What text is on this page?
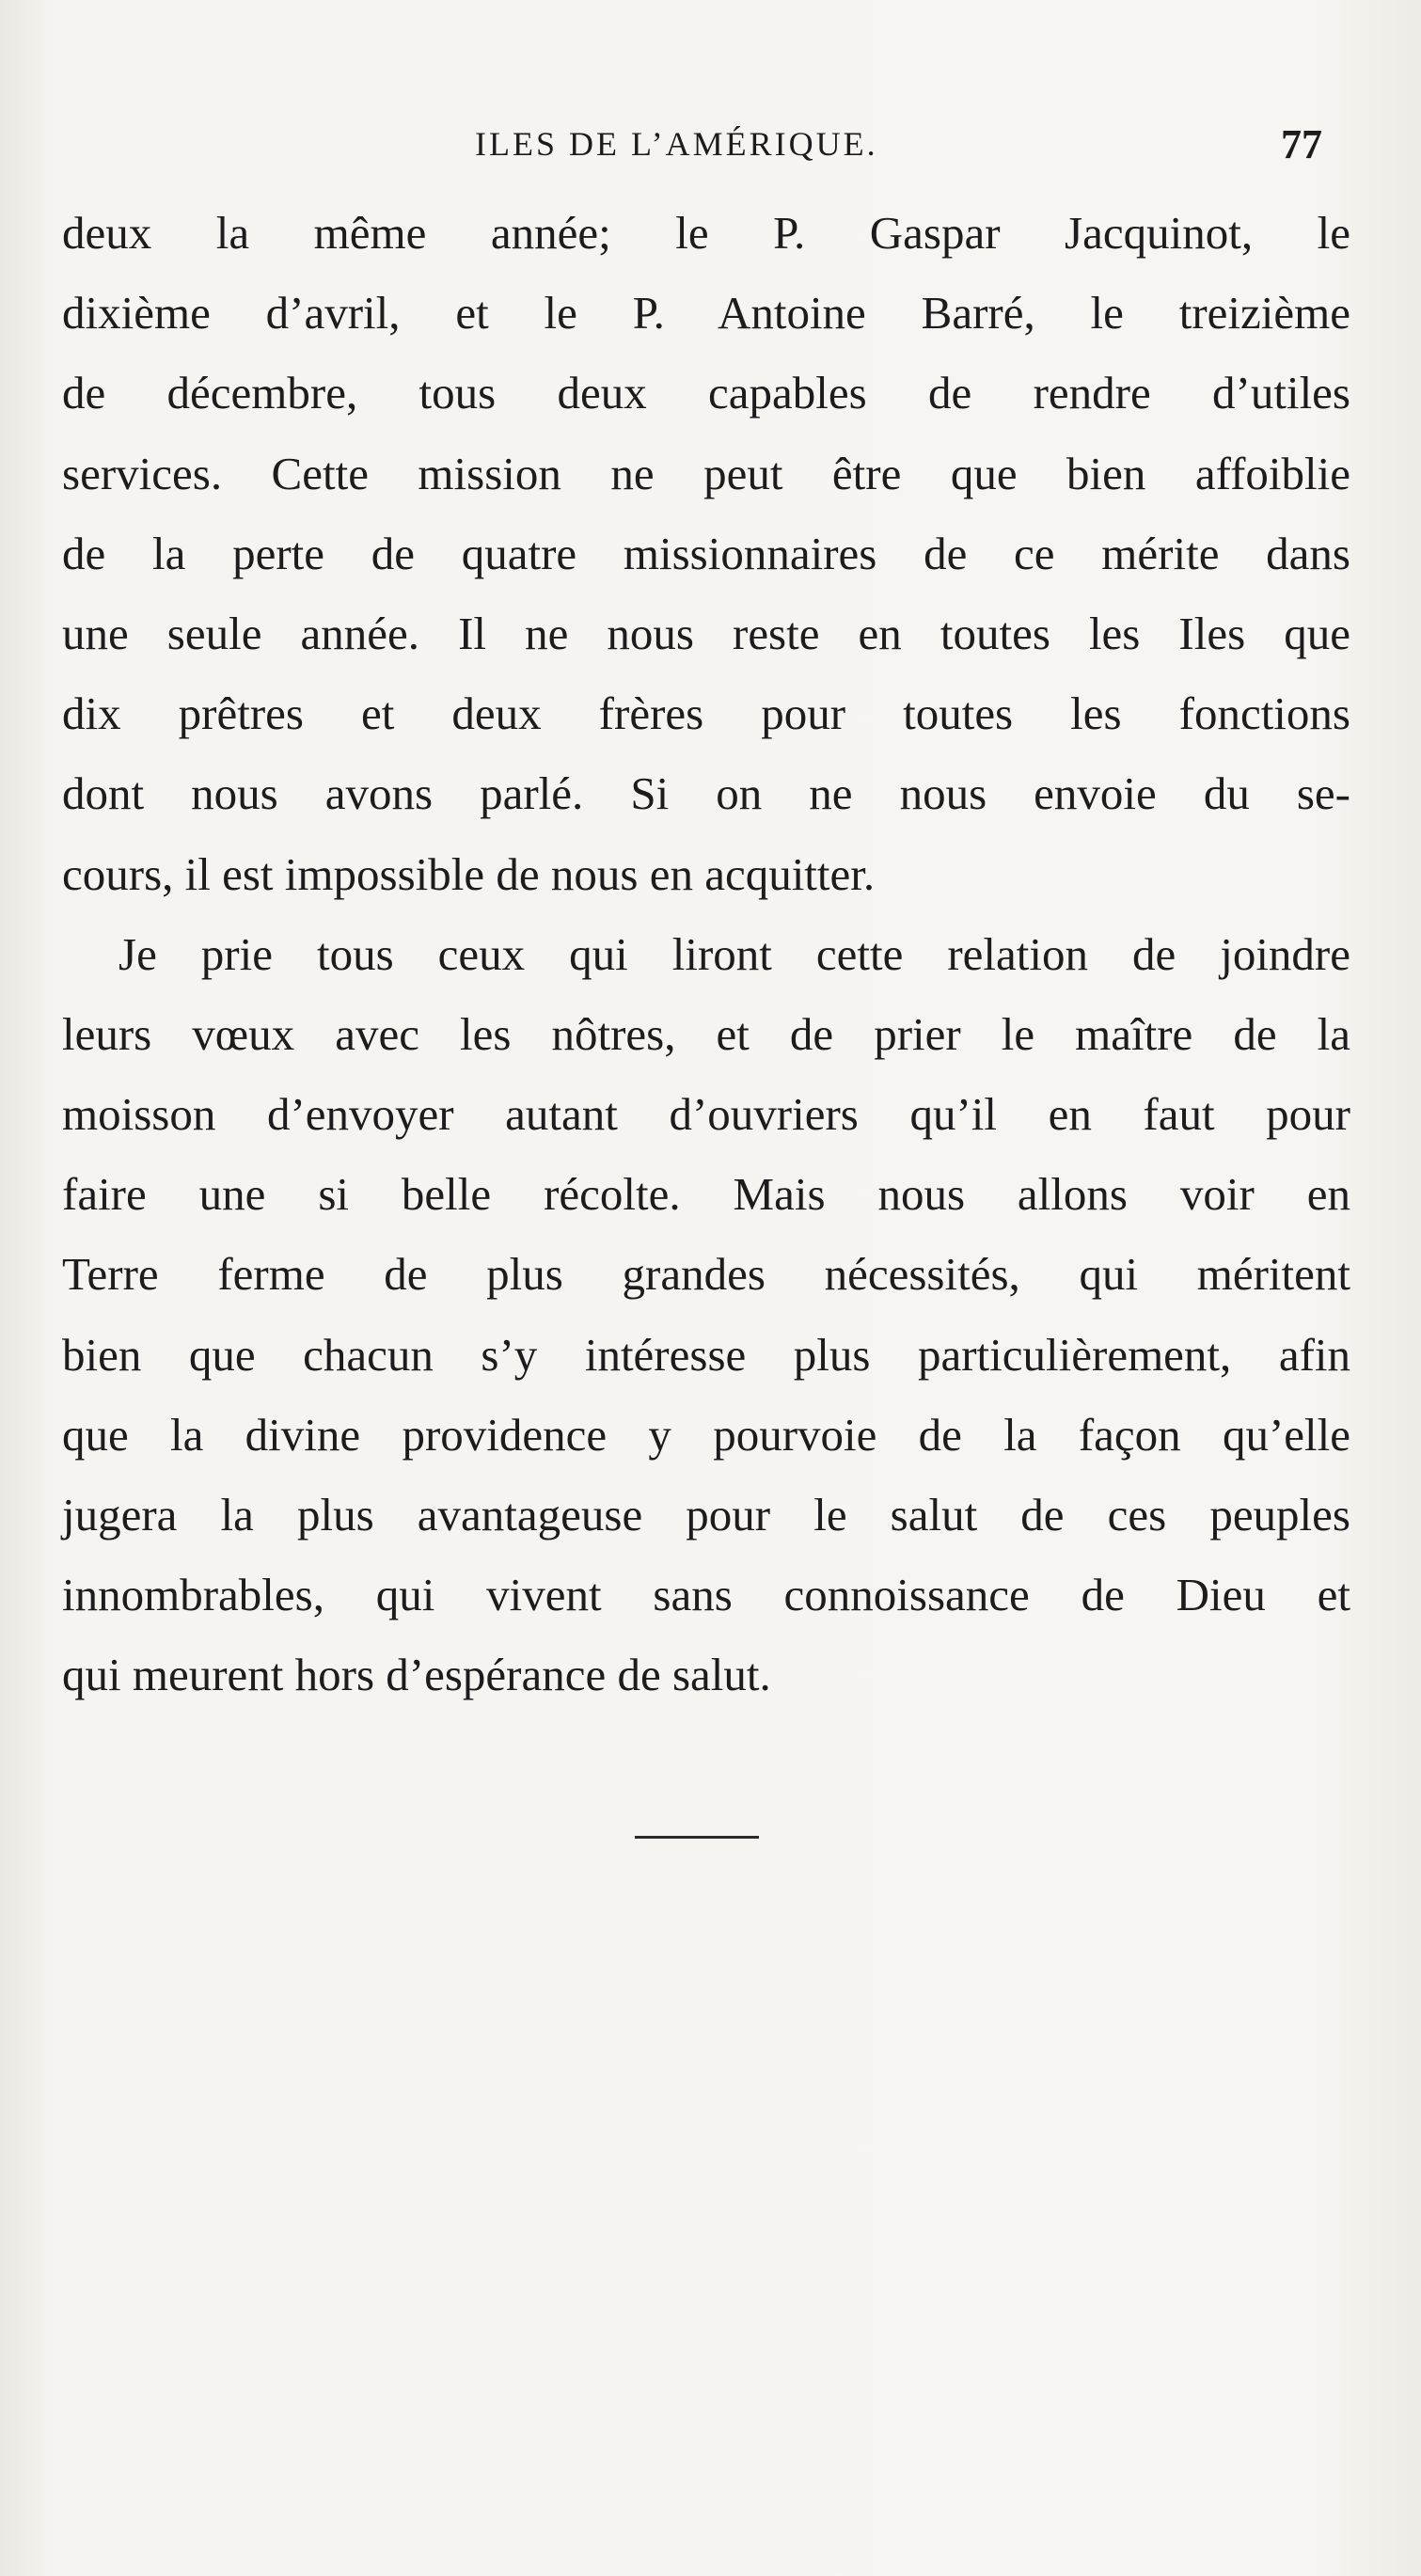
ILES DE L’AMÉRIQUE.	77
deux la même année; le P. Gaspar Jacquinot, le
dixième d’avril, et le P. Antoine Barré, le treizième
de décembre, tous deux capables de rendre d’utiles
services. Cette mission ne peut être que bien affoiblie
de la perte de quatre missionnaires de ce mérite dans
une seule année. Il ne nous reste en toutes les Iles que
dix prêtres et deux frères pour toutes les fonctions
dont nous avons parlé. Si on ne nous envoie du se-
cours, il est impossible de nous en acquitter.
Je prie tous ceux qui liront cette relation de joindre
leurs vœux avec les nôtres, et de prier le maître de la
moisson d’envoyer autant d’ouvriers qu’il en faut pour
faire une si belle récolte. Mais nous allons voir en
Terre ferme de plus grandes nécessités, qui méritent
bien que chacun s’y intéresse plus particulièrement, afin
que la divine providence y pourvoie de la façon qu’elle
jugera la plus avantageuse pour le salut de ces peuples
innombrables, qui vivent sans connoissance de Dieu et
qui meurent hors d’espérance de salut.
